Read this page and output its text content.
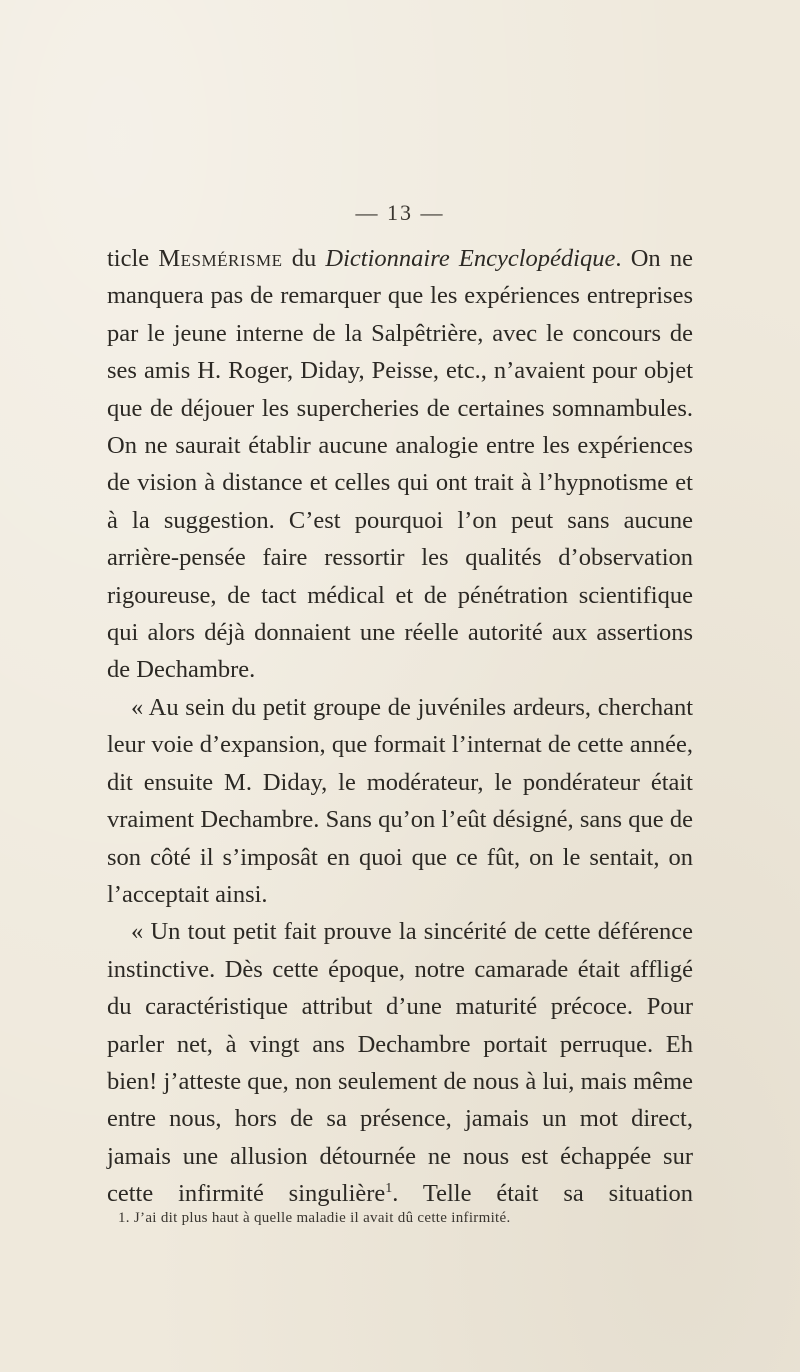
— 13 —

ticle Mesmérisme du Dictionnaire Encyclopédique. On ne manquera pas de remarquer que les expériences entreprises par le jeune interne de la Salpêtrière, avec le concours de ses amis H. Roger, Diday, Peisse, etc., n’avaient pour objet que de déjouer les supercheries de certaines somnambules. On ne saurait établir aucune analogie entre les expériences de vision à distance et celles qui ont trait à l’hypnotisme et à la suggestion. C’est pourquoi l’on peut sans aucune arrière-pensée faire ressortir les qualités d’observation rigoureuse, de tact médical et de pénétration scientifique qui alors déjà donnaient une réelle autorité aux assertions de Dechambre.

« Au sein du petit groupe de juvéniles ardeurs, cherchant leur voie d’expansion, que formait l’internat de cette année, dit ensuite M. Diday, le modérateur, le pondérateur était vraiment Dechambre. Sans qu’on l’eût désigné, sans que de son côté il s’imposât en quoi que ce fût, on le sentait, on l’acceptait ainsi.

« Un tout petit fait prouve la sincérité de cette déférence instinctive. Dès cette époque, notre camarade était affligé du caractéristique attribut d’une maturité précoce. Pour parler net, à vingt ans Dechambre portait perruque. Eh bien! j’atteste que, non seulement de nous à lui, mais même entre nous, hors de sa présence, jamais un mot direct, jamais une allusion détournée ne nous est échappée sur cette infirmité singulière$^1$. Telle était sa situation

1. J’ai dit plus haut à quelle maladie il avait dû cette infirmité.
